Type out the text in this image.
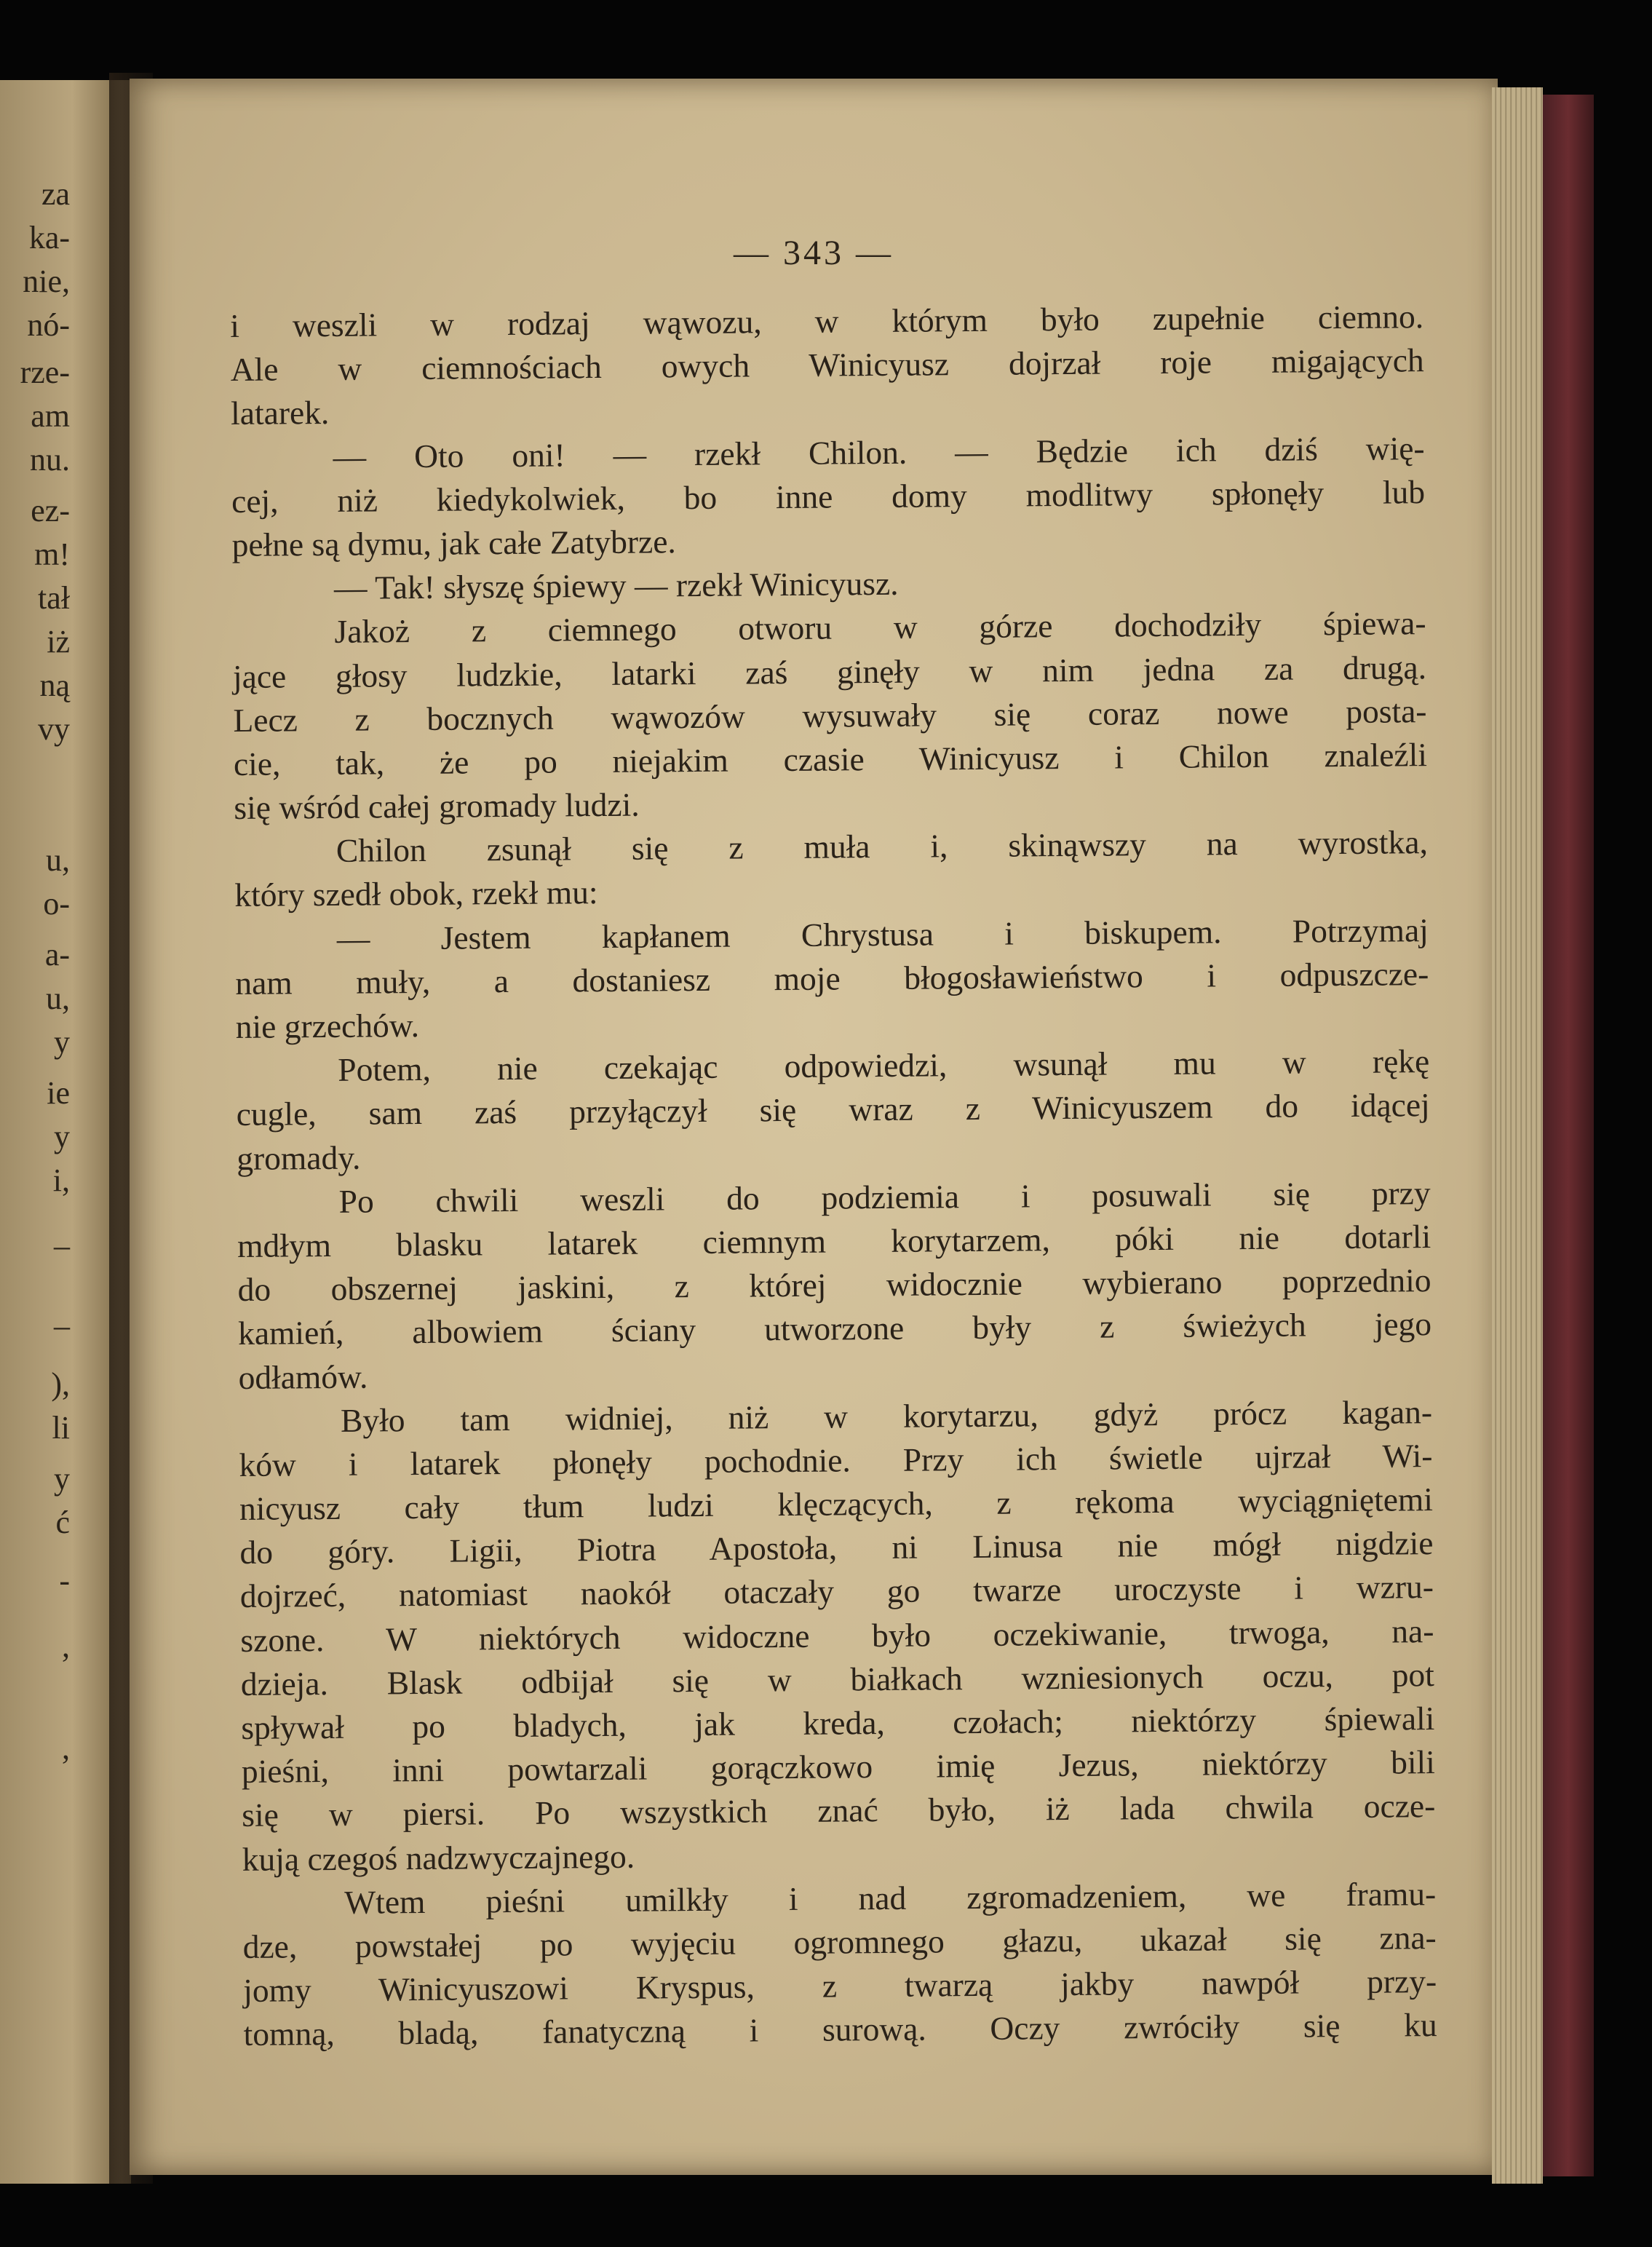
za
ka-
nie,
nó-
rze-
am
nu.
ez-
m!
tał
iż
ną
vy
u,
o-
a-
u,
y
ie
y
i,
–
–
),
li
y
ć
-
,
,
— 343 —
i weszli w rodzaj wąwozu, w którym było zupełnie ciemno.
Ale w ciemnościach owych Winicyusz dojrzał roje migających
latarek.
— Oto oni! — rzekł Chilon. — Będzie ich dziś wię-
cej, niż kiedykolwiek, bo inne domy modlitwy spłonęły lub
pełne są dymu, jak całe Zatybrze.
— Tak! słyszę śpiewy — rzekł Winicyusz.
Jakoż z ciemnego otworu w górze dochodziły śpiewa-
jące głosy ludzkie, latarki zaś ginęły w nim jedna za drugą.
Lecz z bocznych wąwozów wysuwały się coraz nowe posta-
cie, tak, że po niejakim czasie Winicyusz i Chilon znaleźli
się wśród całej gromady ludzi.
Chilon zsunął się z muła i, skinąwszy na wyrostka,
który szedł obok, rzekł mu:
— Jestem kapłanem Chrystusa i biskupem. Potrzymaj
nam muły, a dostaniesz moje błogosławieństwo i odpuszcze-
nie grzechów.
Potem, nie czekając odpowiedzi, wsunął mu w rękę
cugle, sam zaś przyłączył się wraz z Winicyuszem do idącej
gromady.
Po chwili weszli do podziemia i posuwali się przy
mdłym blasku latarek ciemnym korytarzem, póki nie dotarli
do obszernej jaskini, z której widocznie wybierano poprzednio
kamień, albowiem ściany utworzone były z świeżych jego
odłamów.
Było tam widniej, niż w korytarzu, gdyż prócz kagan-
ków i latarek płonęły pochodnie. Przy ich świetle ujrzał Wi-
nicyusz cały tłum ludzi klęczących, z rękoma wyciągniętemi
do góry. Ligii, Piotra Apostoła, ni Linusa nie mógł nigdzie
dojrzeć, natomiast naokół otaczały go twarze uroczyste i wzru-
szone. W niektórych widoczne było oczekiwanie, trwoga, na-
dzieja. Blask odbijał się w białkach wzniesionych oczu, pot
spływał po bladych, jak kreda, czołach; niektórzy śpiewali
pieśni, inni powtarzali gorączkowo imię Jezus, niektórzy bili
się w piersi. Po wszystkich znać było, iż lada chwila ocze-
kują czegoś nadzwyczajnego.
Wtem pieśni umilkły i nad zgromadzeniem, we framu-
dze, powstałej po wyjęciu ogromnego głazu, ukazał się zna-
jomy Winicyuszowi Kryspus, z twarzą jakby nawpół przy-
tomną, bladą, fanatyczną i surową. Oczy zwróciły się ku
